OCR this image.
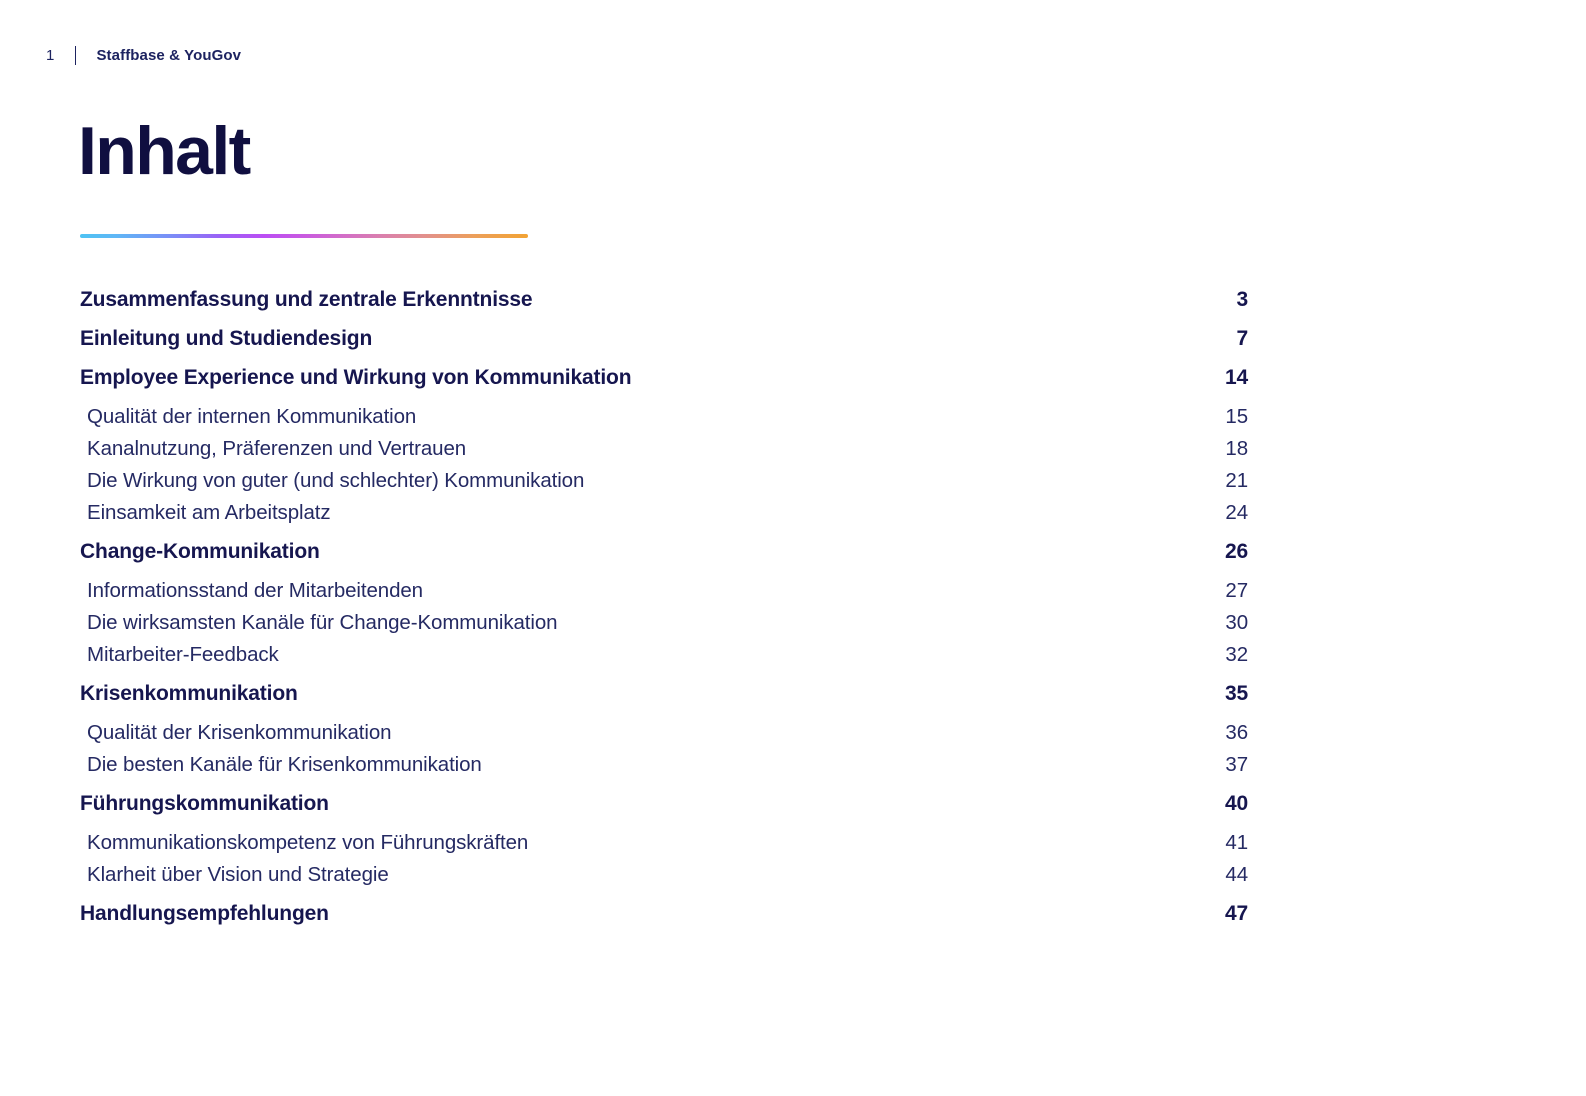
1	Staffbase & YouGov
Inhalt
Zusammenfassung und zentrale Erkenntnisse	3
Einleitung und Studiendesign	7
Employee Experience und Wirkung von Kommunikation	14
Qualität der internen Kommunikation	15
Kanalnutzung, Präferenzen und Vertrauen	18
Die Wirkung von guter (und schlechter) Kommunikation	21
Einsamkeit am Arbeitsplatz	24
Change-Kommunikation	26
Informationsstand der Mitarbeitenden	27
Die wirksamsten Kanäle für Change-Kommunikation	30
Mitarbeiter-Feedback	32
Krisenkommunikation	35
Qualität der Krisenkommunikation	36
Die besten Kanäle für Krisenkommunikation	37
Führungskommunikation	40
Kommunikationskompetenz von Führungskräften	41
Klarheit über Vision und Strategie	44
Handlungsempfehlungen	47
